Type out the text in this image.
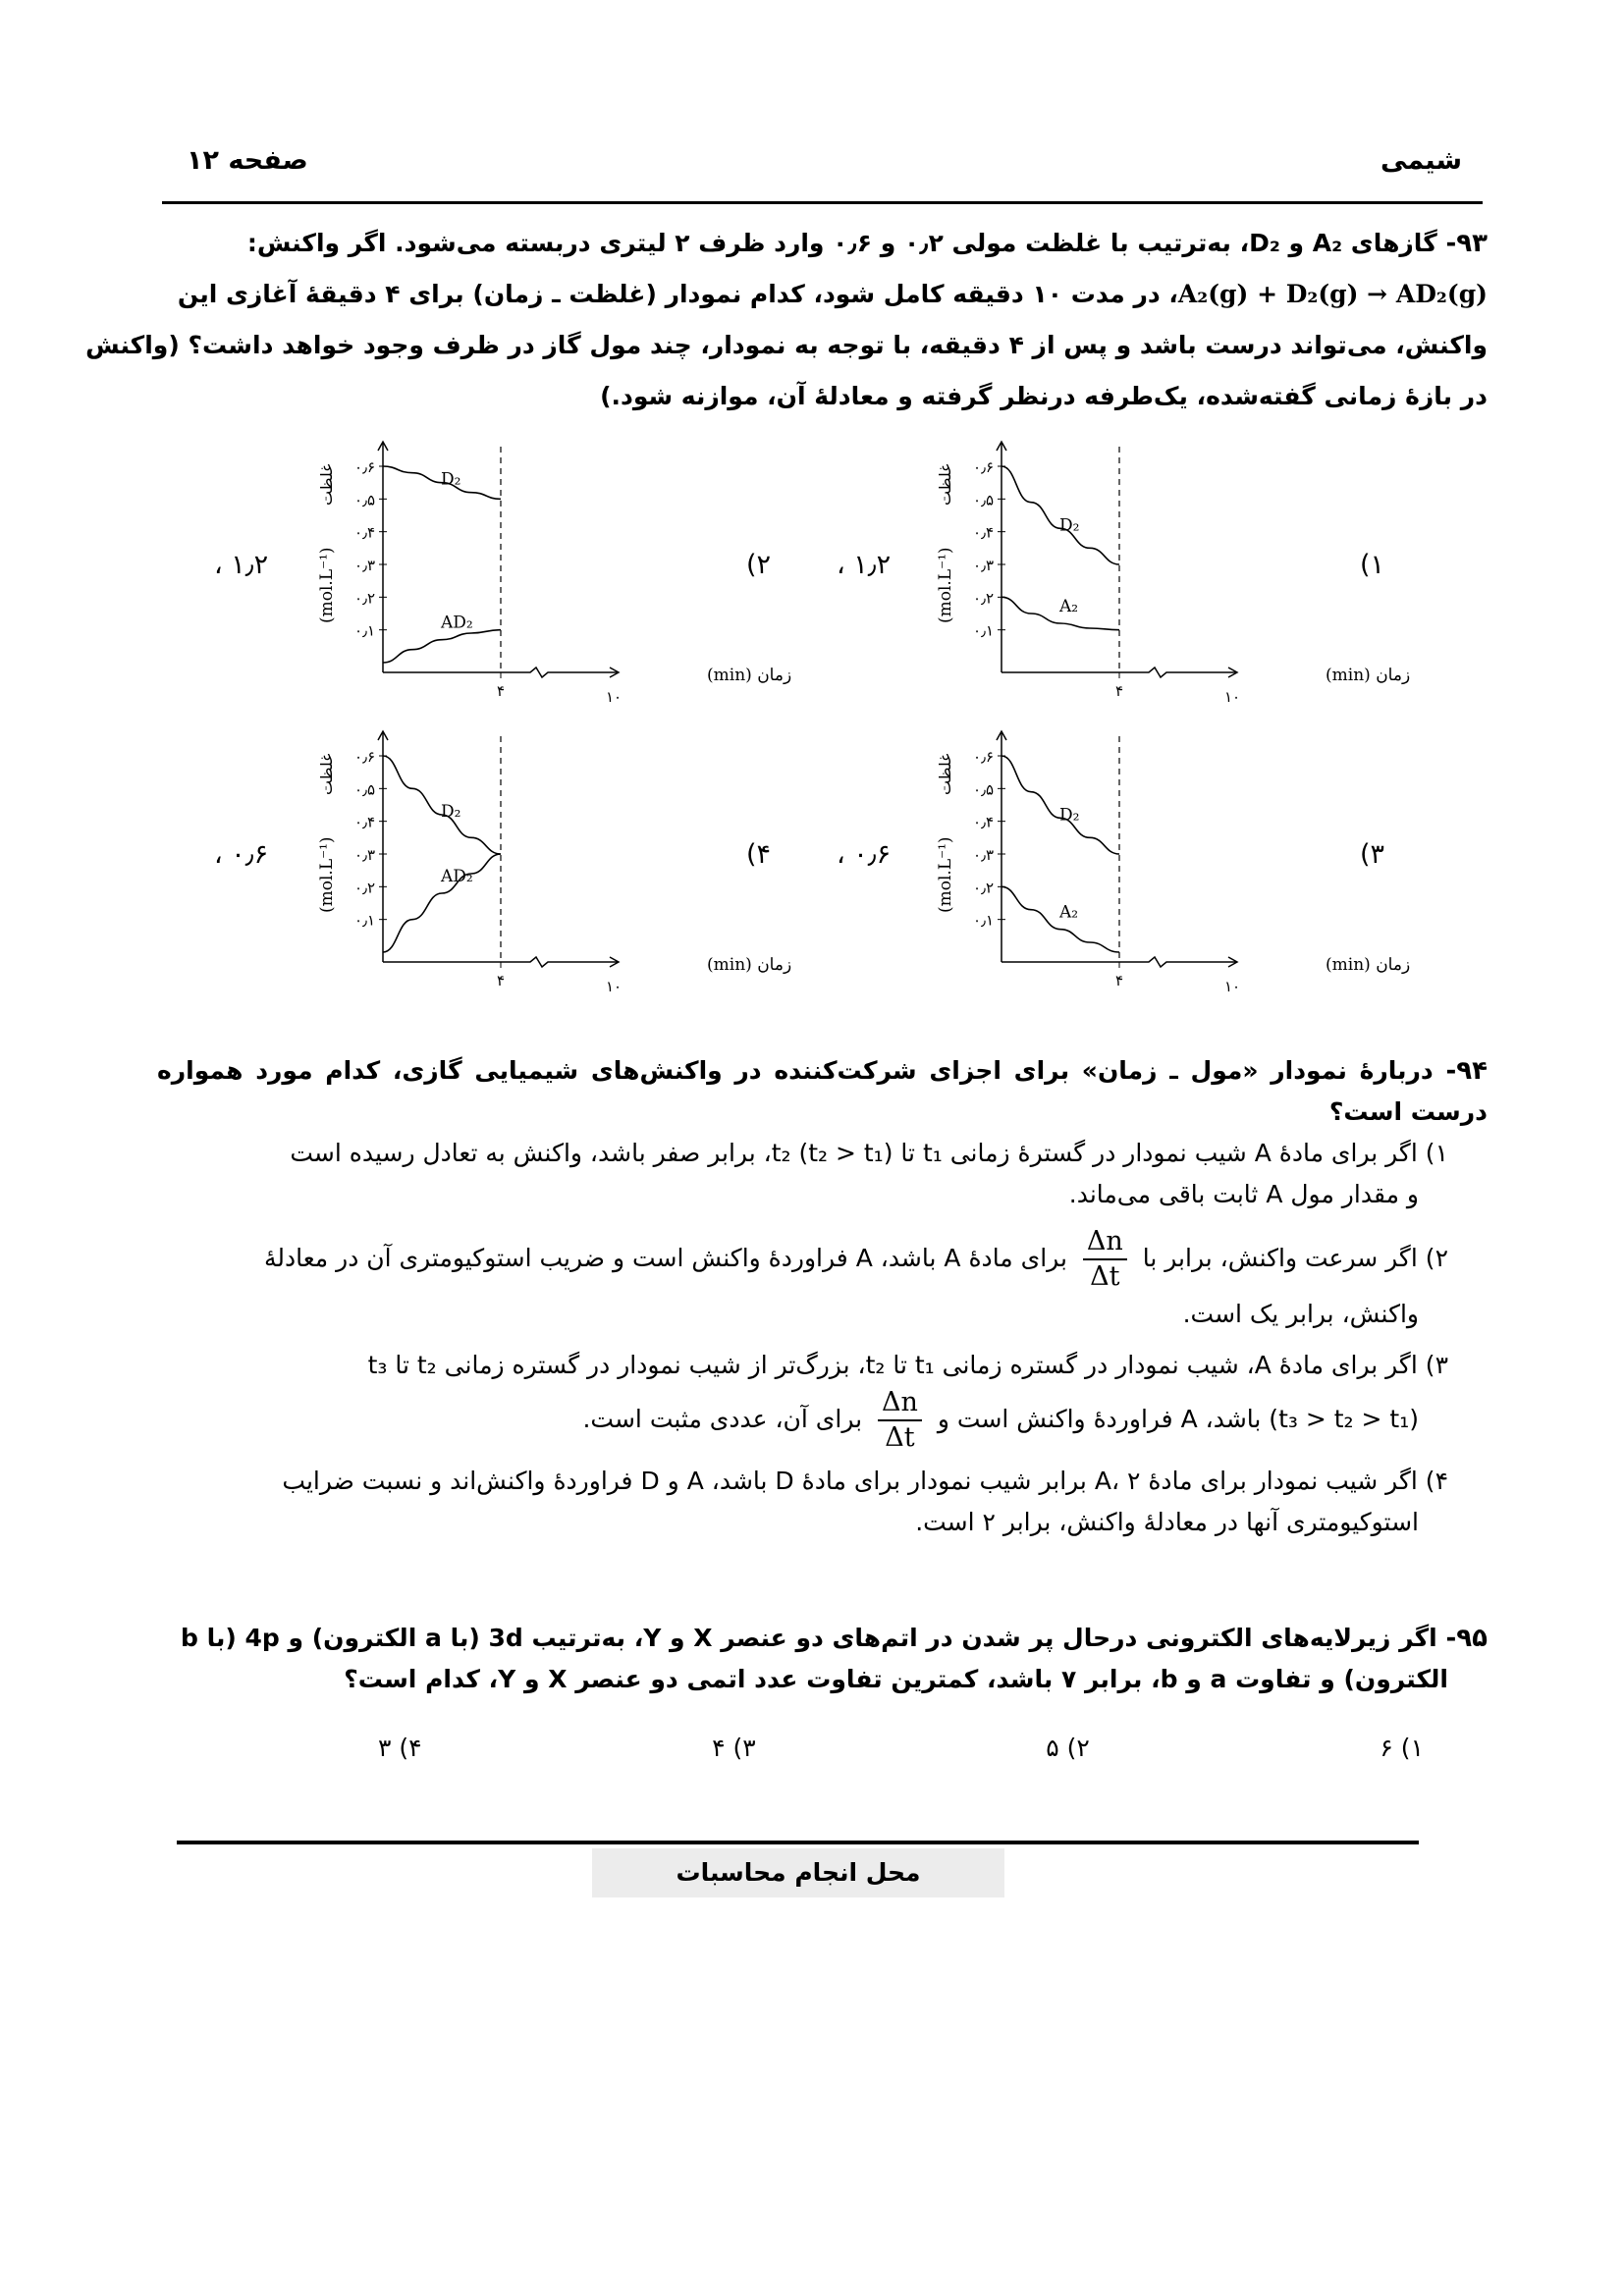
شیمی
صفحه ۱۲
۹۳- گازهای A₂ و D₂، به‌ترتیب با غلظت مولی ۰٫۲ و ۰٫۶ وارد ظرف ۲ لیتری دربسته می‌شود. اگر واکنش:
A₂(g) + D₂(g) → AD₂(g)، در مدت ۱۰ دقیقه کامل شود، کدام نمودار (غلظت ـ زمان) برای ۴ دقیقهٔ آغازی این
واکنش، می‌تواند درست باشد و پس از ۴ دقیقه، با توجه به نمودار، چند مول گاز در ظرف وجود خواهد داشت؟ (واکنش
در بازهٔ زمانی گفته‌شده، یک‌طرفه درنظر گرفته و معادلهٔ آن، موازنه شود.)
۱)
۱٫۲ ،
۲)
۱٫۲ ،
۳)
۰٫۶ ،
۴)
۰٫۶ ،
۰٫۱
۰٫۲
۰٫۳
۰٫۴
۰٫۵
۰٫۶
۴	۱۰
زمان (min)
(mol.L⁻¹)
غلظت
D₂
A₂
۰٫۱
۰٫۲
۰٫۳
۰٫۴
۰٫۵
۰٫۶
۴	۱۰
زمان (min)
(mol.L⁻¹)
غلظت	D₂
AD₂
۰٫۱
۰٫۲
۰٫۳
۰٫۴
۰٫۵
۰٫۶
۴	۱۰
زمان (min)
(mol.L⁻¹)
غلظت
D₂
A₂
۰٫۱
۰٫۲
۰٫۳
۰٫۴
۰٫۵
۰٫۶
۴	۱۰
زمان (min)
(mol.L⁻¹)
غلظت
D₂
AD₂
۹۴- دربارهٔ نمودار «مول ـ زمان» برای اجزای شرکت‌کننده در واکنش‌های شیمیایی گازی، کدام مورد همواره درست است؟
۱)اگر برای مادهٔ A شیب نمودار در گسترهٔ زمانی t₁ تا t₂ (t₂ > t₁)، برابر صفر باشد، واکنش به تعادل رسیده است
و مقدار مول A ثابت باقی می‌ماند.
۲)اگر سرعت واکنش، برابر با
$\frac{\Delta n}{\Delta t}$
برای مادهٔ A باشد، A فراوردهٔ واکنش است و ضریب استوکیومتری آن در معادلهٔ
واکنش، برابر یک است.
۳)اگر برای مادهٔ A، شیب نمودار در گستره زمانی t₁ تا t₂، بزرگ‌تر از شیب نمودار در گستره زمانی t₂ تا t₃
(t₃ > t₂ > t₁) باشد، A فراوردهٔ واکنش است و
$\frac{\Delta n}{\Delta t}$
برای آن، عددی مثبت است.
۴)اگر شیب نمودار برای مادهٔ A، ۲ برابر شیب نمودار برای مادهٔ D باشد، A و D فراوردهٔ واکنش‌اند و نسبت ضرایب
استوکیومتری آنها در معادلهٔ واکنش، برابر ۲ است.
۹۵- اگر زیرلایه‌های الکترونی درحال پر شدن در اتم‌های دو عنصر X و Y، به‌ترتیب 3d (با a الکترون) و 4p (با b
الکترون) و تفاوت a و b، برابر ۷ باشد، کمترین تفاوت عدد اتمی دو عنصر X و Y، کدام است؟
۱) ۶
۲) ۵
۳) ۴
۴) ۳
محل انجام محاسبات
